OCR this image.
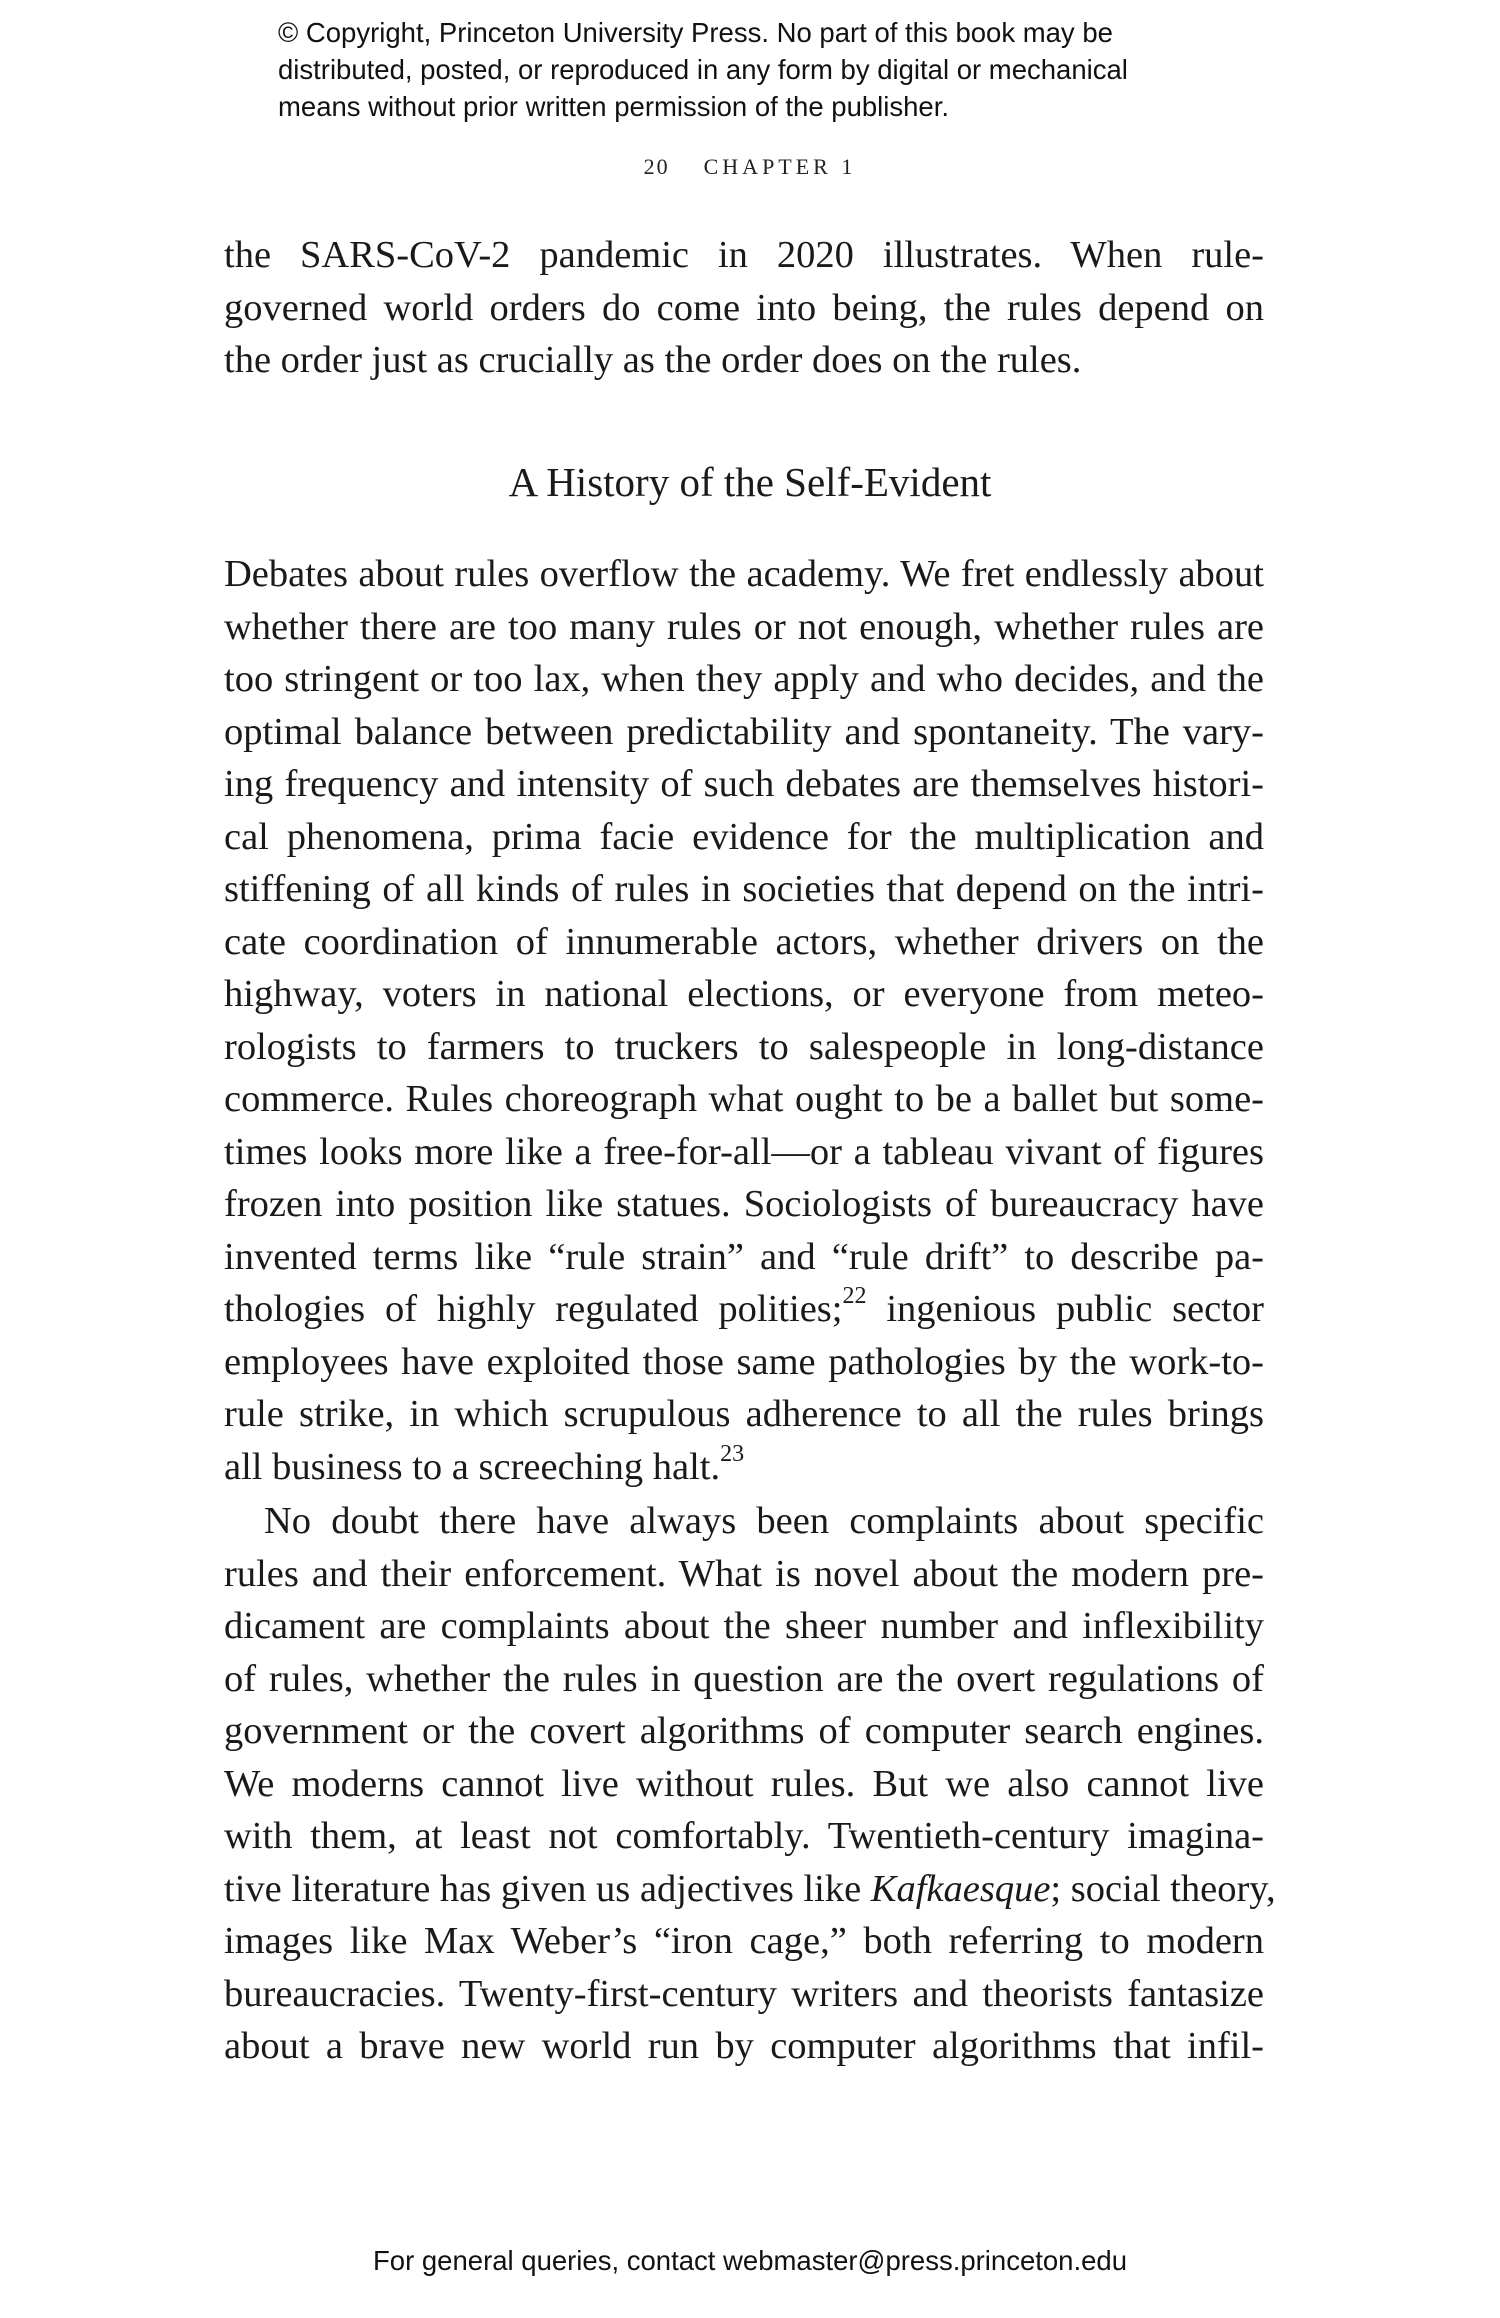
© Copyright, Princeton University Press. No part of this book may be
distributed, posted, or reproduced in any form by digital or mechanical
means without prior written permission of the publisher.
20 CHAPTER 1
the SARS-CoV-2 pandemic in 2020 illustrates. When rule-
governed world orders do come into being, the rules depend on
the order just as crucially as the order does on the rules.
A History of the Self-Evident
Debates about rules overflow the academy. We fret endlessly about
whether there are too many rules or not enough, whether rules are
too stringent or too lax, when they apply and who decides, and the
optimal balance between predictability and spontaneity. The vary-
ing frequency and intensity of such debates are themselves histori-
cal phenomena, prima facie evidence for the multiplication and
stiffening of all kinds of rules in societies that depend on the intri-
cate coordination of innumerable actors, whether drivers on the
highway, voters in national elections, or everyone from meteo-
rologists to farmers to truckers to salespeople in long-distance
commerce. Rules choreograph what ought to be a ballet but some-
times looks more like a free-for-all—or a tableau vivant of figures
frozen into position like statues. Sociologists of bureaucracy have
invented terms like “rule strain” and “rule drift” to describe pa-
thologies of highly regulated polities;$^{22}$ ingenious public sector
employees have exploited those same pathologies by the work-to-
rule strike, in which scrupulous adherence to all the rules brings
all business to a screeching halt.$^{23}$
No doubt there have always been complaints about specific
rules and their enforcement. What is novel about the modern pre-
dicament are complaints about the sheer number and inflexibility
of rules, whether the rules in question are the overt regulations of
government or the covert algorithms of computer search engines.
We moderns cannot live without rules. But we also cannot live
with them, at least not comfortably. Twentieth-century imagina-
tive literature has given us adjectives like Kafkaesque; social theory,
images like Max Weber’s “iron cage,” both referring to modern
bureaucracies. Twenty-first-century writers and theorists fantasize
about a brave new world run by computer algorithms that infil-
For general queries, contact webmaster@press.princeton.edu
